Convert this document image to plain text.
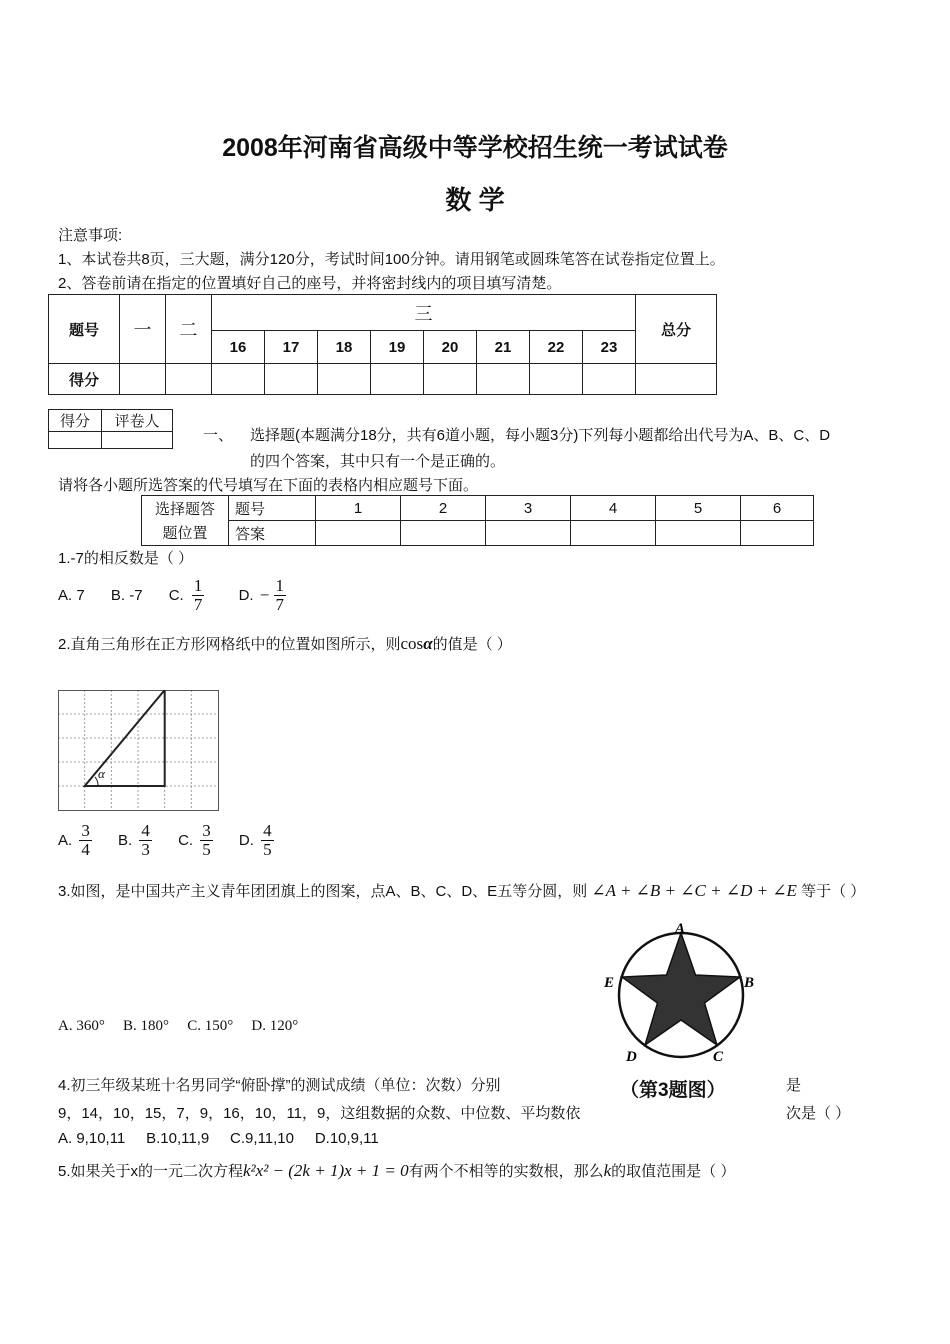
2008年河南省高级中等学校招生统一考试试卷
数 学
注意事项:
1、本试卷共8页，三大题，满分120分，考试时间100分钟。请用钢笔或圆珠笔答在试卷指定位置上。
2、答卷前请在指定的位置填好自己的座号，并将密封线内的项目填写清楚。
题号	一	二	三								总分
			16	17	18	19	20	21	22	23	
得分											
得分	评卷人

一、 选择题(本题满分18分，共有6道小题，每小题3分)下列每小题都给出代号为A、B、C、D
的四个答案，其中只有一个是正确的。
请将各小题所选答案的代号填写在下面的表格内相应题号下面。
选择题答	题号	1	2	3	4	5	6
题位置	答案						
1.-7的相反数是（ ）
A. 7 B. -7 C. $\frac{1}{7} D$. − $\frac{1}{7}$
2.直角三角形在正方形网格纸中的位置如图所示，则cosα的值是（ ）
α
A. $\frac{3}{4} B$. $\frac{4}{3} C$. $\frac{3}{5} D$. $\frac{4}{5}$
3.如图，是中国共产主义青年团团旗上的图案，点A、B、C、D、E五等分圆，则 ∠A + ∠B + ∠C + ∠D + ∠E 等于（ ）
A
B
C
D
E
（第3题图）
A. 360° B. 180° C. 150° D. 120°
4.初三年级某班十名男同学“俯卧撑”的测试成绩（单位：次数）分别	是
9，14，10，15，7，9，16，10，11，9，这组数据的众数、中位数、平均数依	次是（ ）
A. 9,10,11     B.10,11,9     C.9,11,10     D.10,9,11
5.如果关于x的一元二次方程k²x² − (2k + 1)x + 1 = 0有两个不相等的实数根，那么k的取值范围是（ ）
